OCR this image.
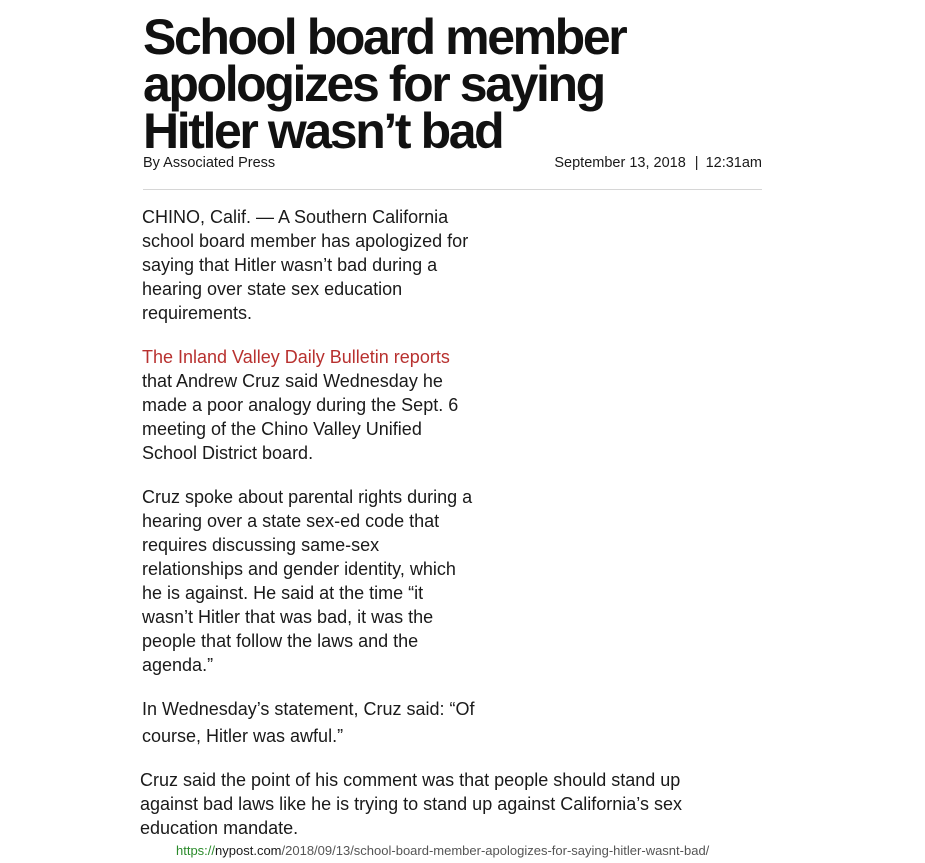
School board member
apologizes for saying
Hitler wasn’t bad
By Associated Press	September 13, 2018 | 12:31am

CHINO, Calif. — A Southern California
school board member has apologized for
saying that Hitler wasn’t bad during a
hearing over state sex education
requirements.

The Inland Valley Daily Bulletin reports
that Andrew Cruz said Wednesday he
made a poor analogy during the Sept. 6
meeting of the Chino Valley Unified
School District board.

Cruz spoke about parental rights during a
hearing over a state sex-ed code that
requires discussing same-sex
relationships and gender identity, which
he is against. He said at the time “it
wasn’t Hitler that was bad, it was the
people that follow the laws and the
agenda.”

In Wednesday’s statement, Cruz said: “Of
course, Hitler was awful.”

Cruz said the point of his comment was that people should stand up
against bad laws like he is trying to stand up against California’s sex
education mandate.

https://nypost.com/2018/09/13/school-board-member-apologizes-for-saying-hitler-wasnt-bad/
